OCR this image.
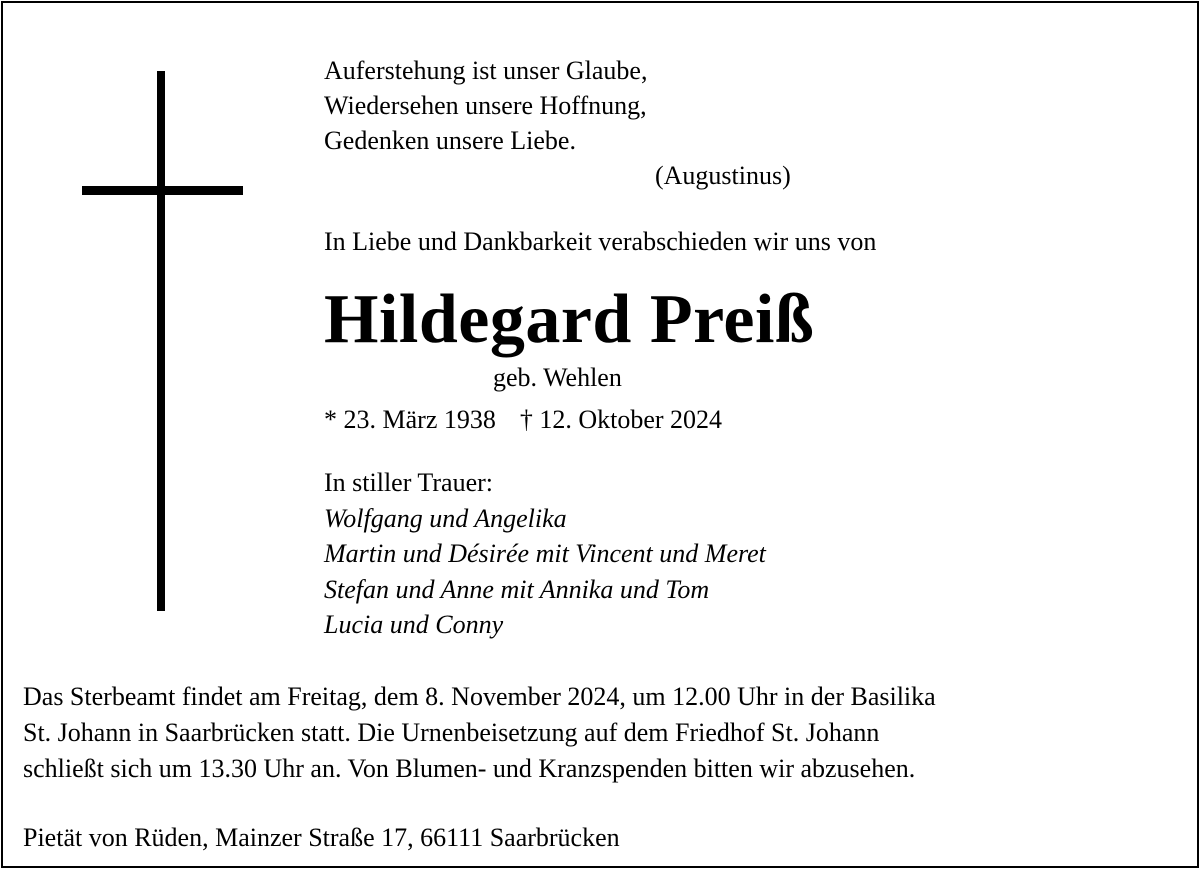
Auferstehung ist unser Glaube,
Wiedersehen unsere Hoffnung,
Gedenken unsere Liebe.
(Augustinus)
In Liebe und Dankbarkeit verabschieden wir uns von
Hildegard Preiß
geb. Wehlen
* 23. März 1938 † 12. Oktober 2024
In stiller Trauer:
Wolfgang und Angelika
Martin und Désirée mit Vincent und Meret
Stefan und Anne mit Annika und Tom
Lucia und Conny
Das Sterbeamt findet am Freitag, dem 8. November 2024, um 12.00 Uhr in der Basilika
St. Johann in Saarbrücken statt. Die Urnenbeisetzung auf dem Friedhof St. Johann
schließt sich um 13.30 Uhr an. Von Blumen- und Kranzspenden bitten wir abzusehen.
Pietät von Rüden, Mainzer Straße 17, 66111 Saarbrücken
